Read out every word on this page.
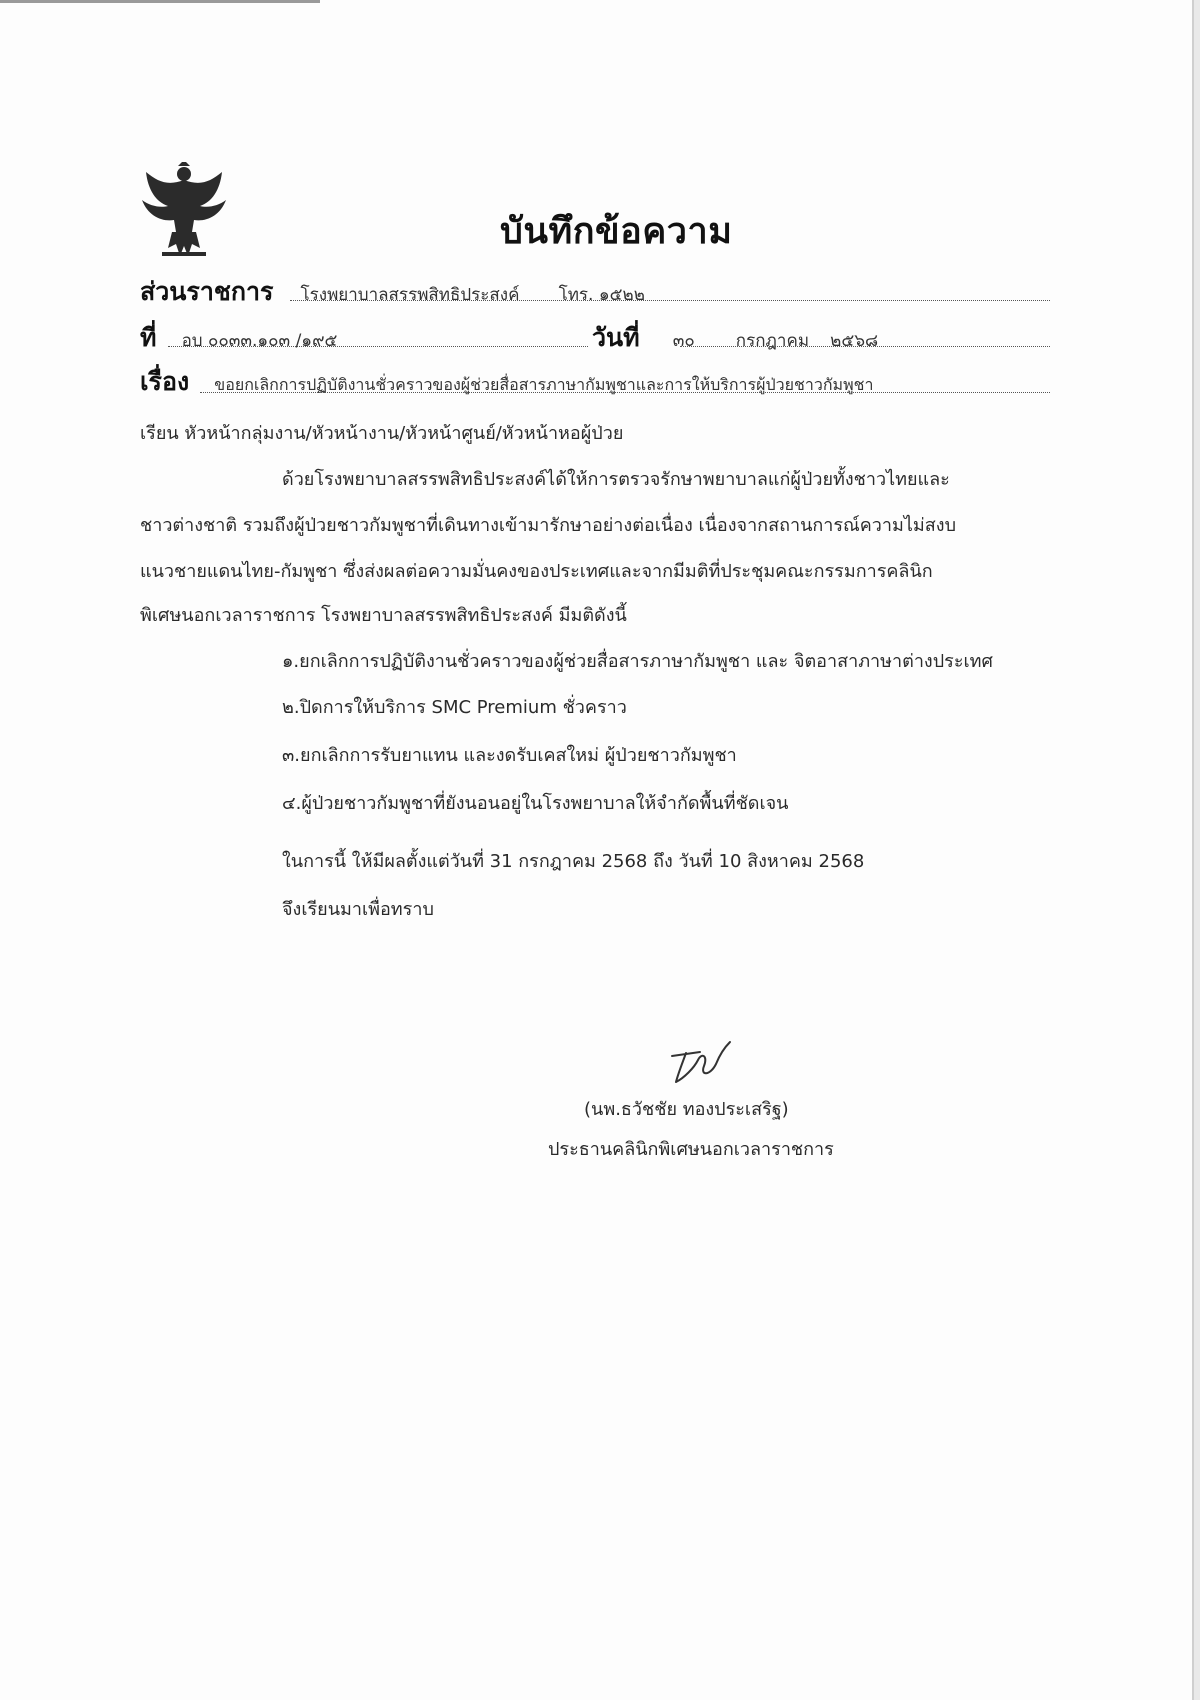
บันทึกข้อความ
ส่วนราชการ โรงพยาบาลสรรพสิทธิประสงค์ โทร. ๑๕๒๒
ที่ อบ ๐๐๓๓.๑๐๓ /๑๙๕	วันที่ ๓๐ กรกฎาคม ๒๕๖๘
เรื่อง ขอยกเลิกการปฏิบัติงานชั่วคราวของผู้ช่วยสื่อสารภาษากัมพูชาและการให้บริการผู้ป่วยชาวกัมพูชา
เรียน หัวหน้ากลุ่มงาน/หัวหน้างาน/หัวหน้าศูนย์/หัวหน้าหอผู้ป่วย
ด้วยโรงพยาบาลสรรพสิทธิประสงค์ได้ให้การตรวจรักษาพยาบาลแก่ผู้ป่วยทั้งชาวไทยและ
ชาวต่างชาติ รวมถึงผู้ป่วยชาวกัมพูชาที่เดินทางเข้ามารักษาอย่างต่อเนื่อง เนื่องจากสถานการณ์ความไม่สงบ
แนวชายแดนไทย-กัมพูชา ซึ่งส่งผลต่อความมั่นคงของประเทศและจากมีมติที่ประชุมคณะกรรมการคลินิก
พิเศษนอกเวลาราชการ โรงพยาบาลสรรพสิทธิประสงค์ มีมติดังนี้
๑.ยกเลิกการปฏิบัติงานชั่วคราวของผู้ช่วยสื่อสารภาษากัมพูชา และ จิตอาสาภาษาต่างประเทศ
๒.ปิดการให้บริการ SMC Premium ชั่วคราว
๓.ยกเลิกการรับยาแทน และงดรับเคสใหม่ ผู้ป่วยชาวกัมพูชา
๔.ผู้ป่วยชาวกัมพูชาที่ยังนอนอยู่ในโรงพยาบาลให้จำกัดพื้นที่ชัดเจน
ในการนี้ ให้มีผลตั้งแต่วันที่ 31 กรกฎาคม 2568 ถึง วันที่ 10 สิงหาคม 2568
จึงเรียนมาเพื่อทราบ
(นพ.ธวัชชัย ทองประเสริฐ)
ประธานคลินิกพิเศษนอกเวลาราชการ
